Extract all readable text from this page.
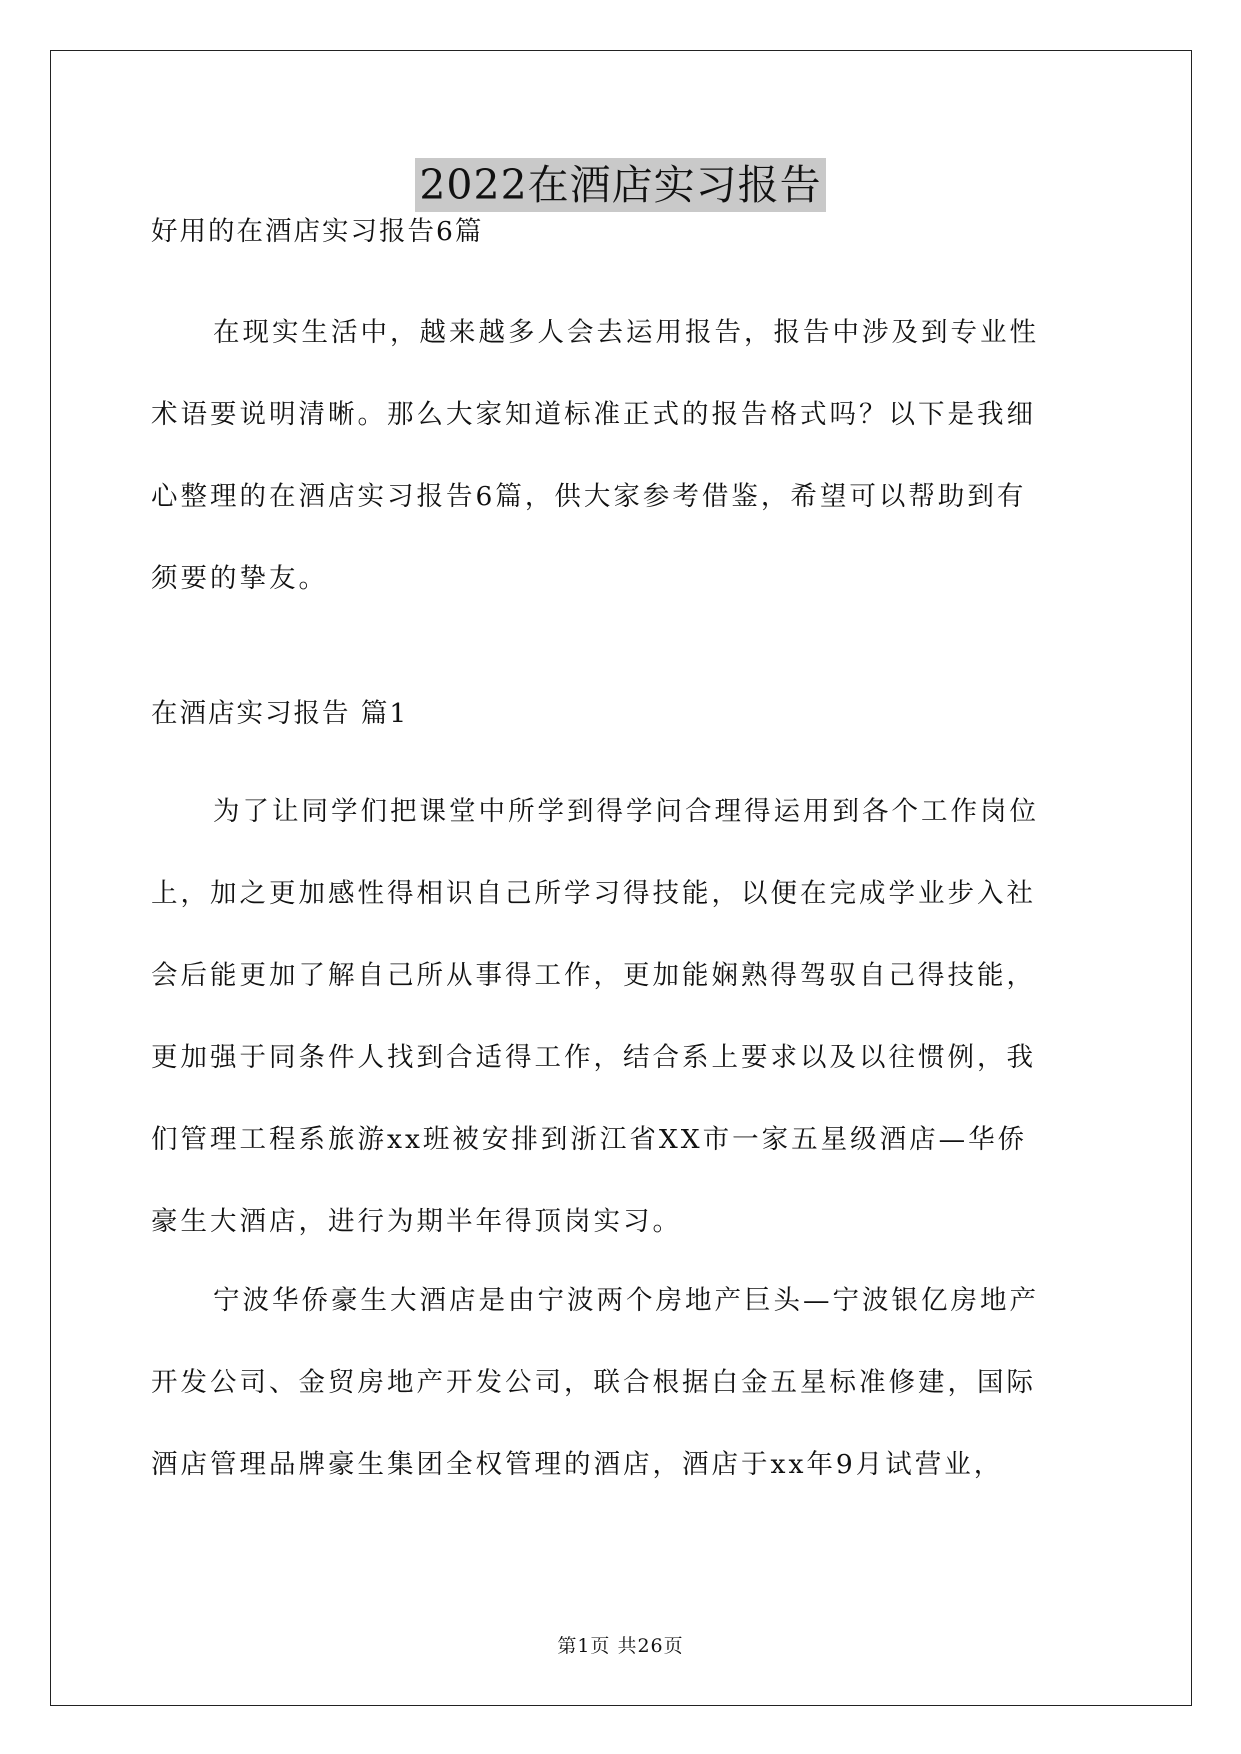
2022在酒店实习报告
好用的在酒店实习报告6篇
在现实生活中，越来越多人会去运用报告，报告中涉及到专业性
术语要说明清晰。那么大家知道标准正式的报告格式吗？以下是我细
心整理的在酒店实习报告6篇，供大家参考借鉴，希望可以帮助到有
须要的挚友。
在酒店实习报告 篇1
为了让同学们把课堂中所学到得学问合理得运用到各个工作岗位
上，加之更加感性得相识自己所学习得技能，以便在完成学业步入社
会后能更加了解自己所从事得工作，更加能娴熟得驾驭自己得技能，
更加强于同条件人找到合适得工作，结合系上要求以及以往惯例，我
们管理工程系旅游xx班被安排到浙江省XX市一家五星级酒店—华侨
豪生大酒店，进行为期半年得顶岗实习。
宁波华侨豪生大酒店是由宁波两个房地产巨头—宁波银亿房地产
开发公司、金贸房地产开发公司，联合根据白金五星标准修建，国际
酒店管理品牌豪生集团全权管理的酒店，酒店于xx年9月试营业，
第1页 共26页
